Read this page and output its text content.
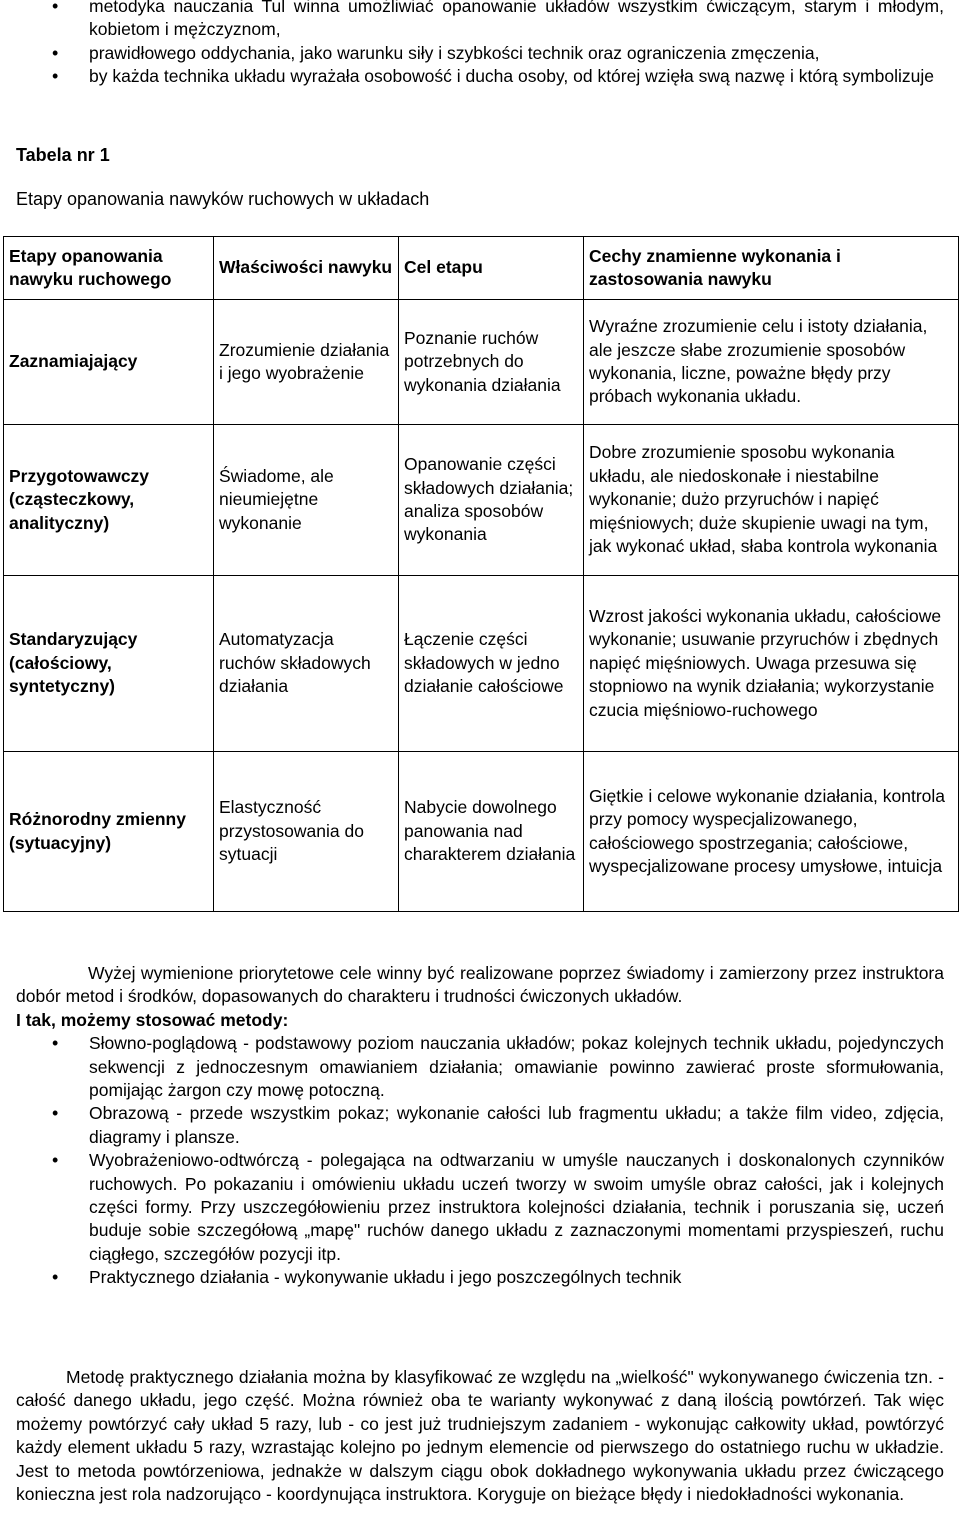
• metodyka nauczania Tul winna umożliwiać opanowanie układów wszystkim ćwiczącym, starym i młodym, kobietom i mężczyznom,
• prawidłowego oddychania, jako warunku siły i szybkości technik oraz ograniczenia zmęczenia,
• by każda technika układu wyrażała osobowość i ducha osoby, od której wzięła swą nazwę i którą symbolizuje
Tabela nr 1
Etapy opanowania nawyków ruchowych w układach
Etapy opanowania nawyku ruchowego	Właściwości nawyku	Cel etapu	Cechy znamienne wykonania i zastosowania nawyku
Zaznamiajający	Zrozumienie działania i jego wyobrażenie	Poznanie ruchów potrzebnych do wykonania działania	Wyraźne zrozumienie celu i istoty działania, ale jeszcze słabe zrozumienie sposobów wykonania, liczne, poważne błędy przy próbach wykonania układu.
Przygotowawczy (cząsteczkowy, analityczny)	Świadome, ale nieumiejętne wykonanie	Opanowanie części składowych działania; analiza sposobów wykonania	Dobre zrozumienie sposobu wykonania układu, ale niedoskonałe i niestabilne wykonanie; dużo przyruchów i napięć mięśniowych; duże skupienie uwagi na tym, jak wykonać układ, słaba kontrola wykonania
Standaryzujący (całościowy, syntetyczny)	Automatyzacja ruchów składowych działania	Łączenie części składowych w jedno działanie całościowe	Wzrost jakości wykonania układu, całościowe wykonanie; usuwanie przyruchów i zbędnych napięć mięśniowych. Uwaga przesuwa się stopniowo na wynik działania; wykorzystanie czucia mięśniowo-ruchowego
Różnorodny zmienny (sytuacyjny)	Elastyczność przystosowania do sytuacji	Nabycie dowolnego panowania nad charakterem działania	Giętkie i celowe wykonanie działania, kontrola przy pomocy wyspecjalizowanego, całościowego spostrzegania; całościowe, wyspecjalizowane procesy umysłowe, intuicja

Wyżej wymienione priorytetowe cele winny być realizowane poprzez świadomy i zamierzony przez instruktora dobór metod i środków, dopasowanych do charakteru i trudności ćwiczonych układów.

I tak, możemy stosować metody:
• Słowno-poglądową - podstawowy poziom nauczania układów; pokaz kolejnych technik układu, pojedynczych sekwencji z jednoczesnym omawianiem działania; omawianie powinno zawierać proste sformułowania, pomijając żargon czy mowę potoczną.
• Obrazową - przede wszystkim pokaz; wykonanie całości lub fragmentu układu; a także film video, zdjęcia, diagramy i plansze.
• Wyobrażeniowo-odtwórczą - polegająca na odtwarzaniu w umyśle nauczanych i doskonalonych czynników ruchowych. Po pokazaniu i omówieniu układu uczeń tworzy w swoim umyśle obraz całości, jak i kolejnych części formy. Przy uszczegółowieniu przez instruktora kolejności działania, technik i poruszania się, uczeń buduje sobie szczegółową „mapę" ruchów danego układu z zaznaczonymi momentami przyspieszeń, ruchu ciągłego, szczegółów pozycji itp.
• Praktycznego działania - wykonywanie układu i jego poszczególnych technik

Metodę praktycznego działania można by klasyfikować ze względu na „wielkość" wykonywanego ćwiczenia tzn. - całość danego układu, jego część. Można również oba te warianty wykonywać z daną ilością powtórzeń. Tak więc możemy powtórzyć cały układ 5 razy, lub - co jest już trudniejszym zadaniem - wykonując całkowity układ, powtórzyć każdy element układu 5 razy, wzrastając kolejno po jednym elemencie od pierwszego do ostatniego ruchu w układzie. Jest to metoda powtórzeniowa, jednakże w dalszym ciągu obok dokładnego wykonywania układu przez ćwiczącego konieczna jest rola nadzorująco - koordynująca instruktora. Koryguje on bieżące błędy i niedokładności wykonania.
